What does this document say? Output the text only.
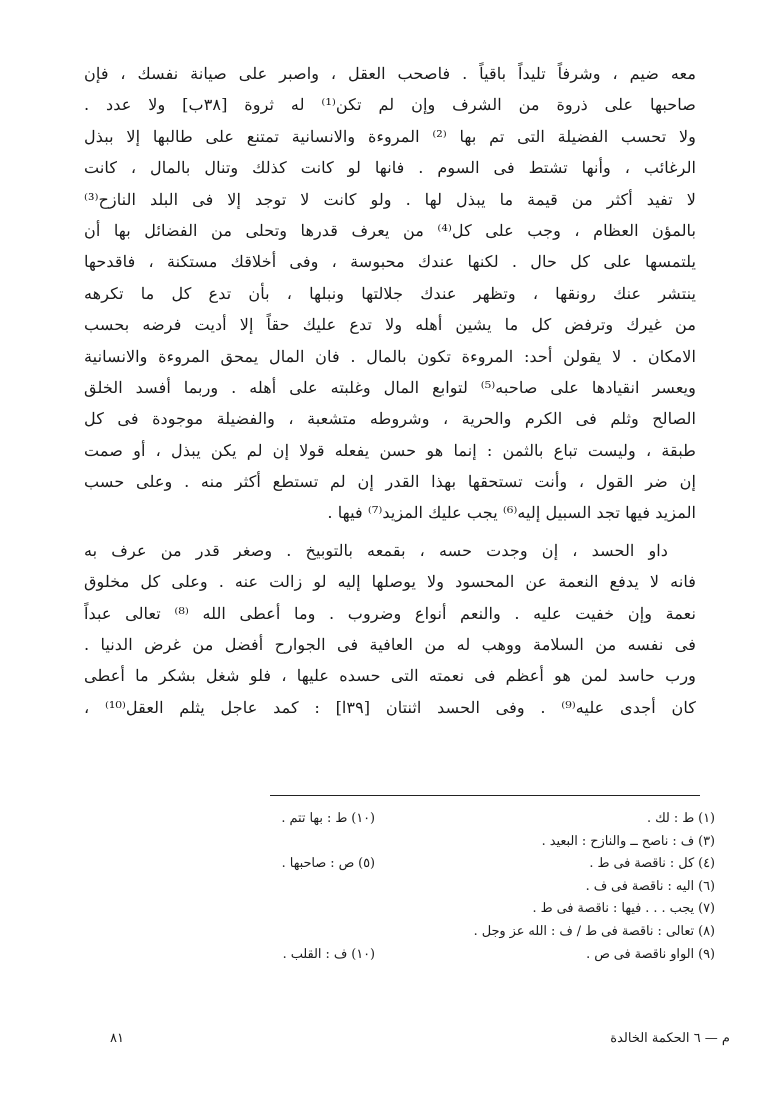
معه ضيم ، وشرفاً تليداً باقياً . فاصحب العقل ، واصبر على صيانة نفسك ، فإن
صاحبها على ذروة من الشرف وإن لم تكن⁽¹⁾ له ثروة [٣٨ب] ولا عدد .
ولا تحسب الفضيلة التى تم بها ⁽²⁾ المروءة والانسانية تمتنع على طالبها إلا ببذل
الرغائب ، وأنها تشتط فى السوم . فانها لو كانت كذلك وتنال بالمال ، كانت
لا تفيد أكثر من قيمة ما يبذل لها . ولو كانت لا توجد إلا فى البلد النازح⁽³⁾
بالمؤن العظام ، وجب على كل⁽⁴⁾ من يعرف قدرها وتحلى من الفضائل بها أن
يلتمسها على كل حال . لكنها عندك محبوسة ، وفى أخلاقك مستكنة ، فاقدحها
ينتشر عنك رونقها ، وتظهر عندك جلالتها ونبلها ، بأن تدع كل ما تكرهه
من غيرك وترفض كل ما يشين أهله ولا تدع عليك حقاً إلا أديت فرضه بحسب
الامكان . لا يقولن أحد: المروءة تكون بالمال . فان المال يمحق المروءة والانسانية
ويعسر انقيادها على صاحبه⁽⁵⁾ لتوابع المال وغلبته على أهله . وربما أفسد الخلق
الصالح وثلم فى الكرم والحرية ، وشروطه متشعبة ، والفضيلة موجودة فى كل
طبقة ، وليست تباع بالثمن : إنما هو حسن يفعله قولا إن لم يكن يبذل ، أو صمت
إن ضر القول ، وأنت تستحقها بهذا القدر إن لم تستطع أكثر منه . وعلى حسب
المزيد فيها تجد السبيل إليه⁽⁶⁾ يجب عليك المزيد⁽⁷⁾ فيها .
داو الحسد ، إن وجدت حسه ، بقمعه بالتوبيخ . وصغر قدر من عرف به
فانه لا يدفع النعمة عن المحسود ولا يوصلها إليه لو زالت عنه . وعلى كل مخلوق
نعمة وإن خفيت عليه . والنعم أنواع وضروب . وما أعطى الله ⁽⁸⁾ تعالى عبداً
فى نفسه من السلامة ووهب له من العافية فى الجوارح أفضل من غرض الدنيا .
ورب حاسد لمن هو أعظم فى نعمته التى حسده عليها ، فلو شغل بشكر ما أعطى
كان أجدى عليه⁽⁹⁾ . وفى الحسد اثنتان [٣٩ا] : كمد عاجل يثلم العقل⁽¹⁰⁾ ،
(١) ط : لك .
(١٠) ط : بها تتم .
(٣) ف : ناصح ــ والنازح : البعيد .
(٤) كل : ناقصة فى ط .
(٥) ص : صاحبها .
(٦) اليه : ناقصة فى ف .
(٧) يجب . . . فيها : ناقصة فى ط .
(٨) تعالى : ناقصة فى ط / ف : الله عز وجل .
(٩) الواو ناقصة فى ص .
(١٠) ف : القلب .
م — ٦ الحكمة الخالدة
٨١
